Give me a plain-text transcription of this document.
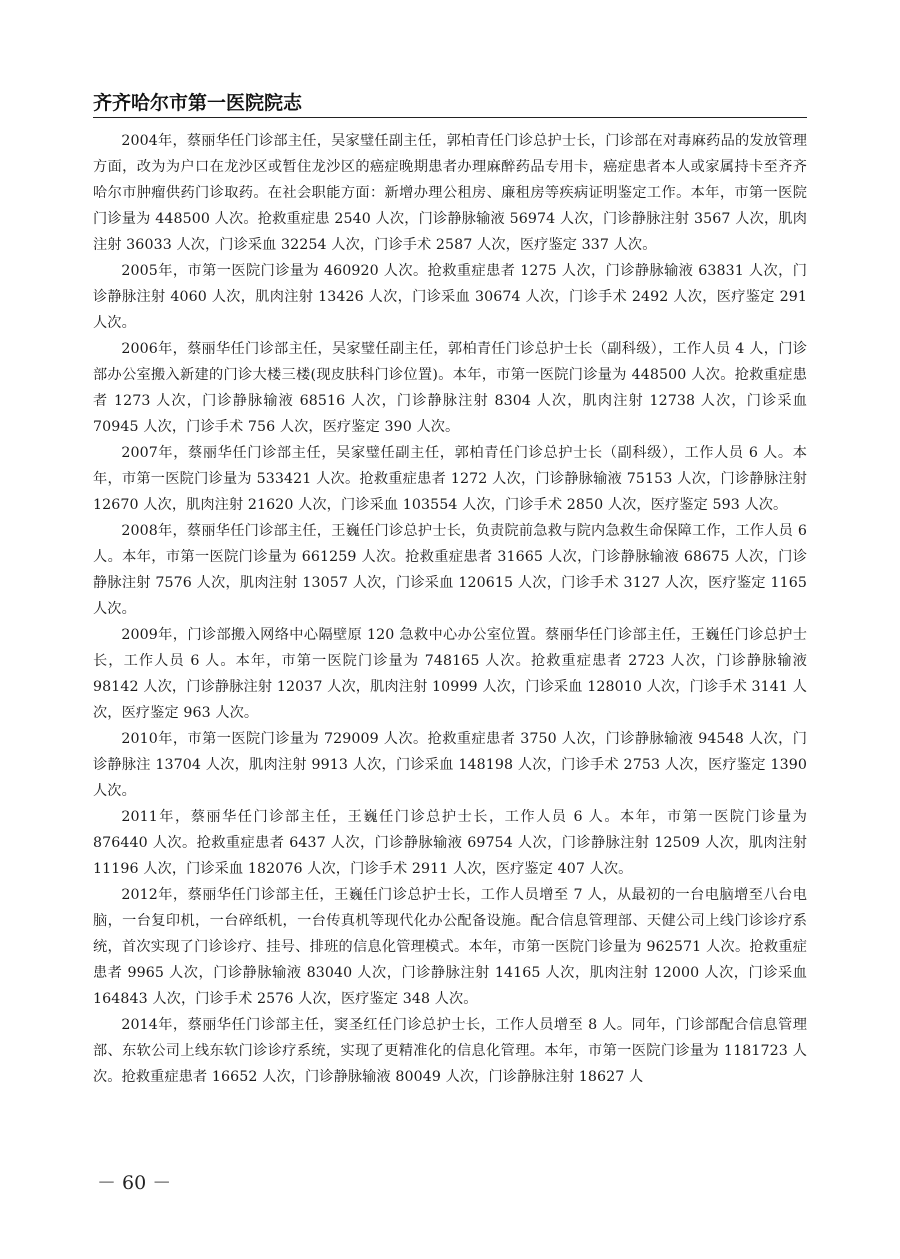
齐齐哈尔市第一医院院志

2004年，蔡丽华任门诊部主任，吴家璧任副主任，郭柏青任门诊总护士长，门诊部在对毒麻药品的发放管理方面，改为为户口在龙沙区或暂住龙沙区的癌症晚期患者办理麻醉药品专用卡，癌症患者本人或家属持卡至齐齐哈尔市肿瘤供药门诊取药。在社会职能方面：新增办理公租房、廉租房等疾病证明鉴定工作。本年，市第一医院门诊量为 448500 人次。抢救重症患 2540 人次，门诊静脉输液 56974 人次，门诊静脉注射 3567 人次，肌肉注射 36033 人次，门诊采血 32254 人次，门诊手术 2587 人次，医疗鉴定 337 人次。

2005年，市第一医院门诊量为 460920 人次。抢救重症患者 1275 人次，门诊静脉输液 63831 人次，门诊静脉注射 4060 人次，肌肉注射 13426 人次，门诊采血 30674 人次，门诊手术 2492 人次，医疗鉴定 291 人次。

2006年，蔡丽华任门诊部主任，吴家璧任副主任，郭柏青任门诊总护士长（副科级），工作人员 4 人，门诊部办公室搬入新建的门诊大楼三楼(现皮肤科门诊位置)。本年，市第一医院门诊量为 448500 人次。抢救重症患者 1273 人次，门诊静脉输液 68516 人次，门诊静脉注射 8304 人次，肌肉注射 12738 人次，门诊采血 70945 人次，门诊手术 756 人次，医疗鉴定 390 人次。

2007年，蔡丽华任门诊部主任，吴家璧任副主任，郭柏青任门诊总护士长（副科级），工作人员 6 人。本年，市第一医院门诊量为 533421 人次。抢救重症患者 1272 人次，门诊静脉输液 75153 人次，门诊静脉注射 12670 人次，肌肉注射 21620 人次，门诊采血 103554 人次，门诊手术 2850 人次，医疗鉴定 593 人次。

2008年，蔡丽华任门诊部主任，王巍任门诊总护士长，负责院前急救与院内急救生命保障工作，工作人员 6 人。本年，市第一医院门诊量为 661259 人次。抢救重症患者 31665 人次，门诊静脉输液 68675 人次，门诊静脉注射 7576 人次，肌肉注射 13057 人次，门诊采血 120615 人次，门诊手术 3127 人次，医疗鉴定 1165 人次。

2009年，门诊部搬入网络中心隔壁原 120 急救中心办公室位置。蔡丽华任门诊部主任，王巍任门诊总护士长，工作人员 6 人。本年，市第一医院门诊量为 748165 人次。抢救重症患者 2723 人次，门诊静脉输液 98142 人次，门诊静脉注射 12037 人次，肌肉注射 10999 人次，门诊采血 128010 人次，门诊手术 3141 人次，医疗鉴定 963 人次。

2010年，市第一医院门诊量为 729009 人次。抢救重症患者 3750 人次，门诊静脉输液 94548 人次，门诊静脉注 13704 人次，肌肉注射 9913 人次，门诊采血 148198 人次，门诊手术 2753 人次，医疗鉴定 1390 人次。

2011年，蔡丽华任门诊部主任，王巍任门诊总护士长，工作人员 6 人。本年，市第一医院门诊量为 876440 人次。抢救重症患者 6437 人次，门诊静脉输液 69754 人次，门诊静脉注射 12509 人次，肌肉注射 11196 人次，门诊采血 182076 人次，门诊手术 2911 人次，医疗鉴定 407 人次。

2012年，蔡丽华任门诊部主任，王巍任门诊总护士长，工作人员增至 7 人，从最初的一台电脑增至八台电脑，一台复印机，一台碎纸机，一台传真机等现代化办公配备设施。配合信息管理部、天健公司上线门诊诊疗系统，首次实现了门诊诊疗、挂号、排班的信息化管理模式。本年，市第一医院门诊量为 962571 人次。抢救重症患者 9965 人次，门诊静脉输液 83040 人次，门诊静脉注射 14165 人次，肌肉注射 12000 人次，门诊采血 164843 人次，门诊手术 2576 人次，医疗鉴定 348 人次。

2014年，蔡丽华任门诊部主任，窦圣红任门诊总护士长，工作人员增至 8 人。同年，门诊部配合信息管理部、东软公司上线东软门诊诊疗系统，实现了更精准化的信息化管理。本年，市第一医院门诊量为 1181723 人次。抢救重症患者 16652 人次，门诊静脉输液 80049 人次，门诊静脉注射 18627 人

－ 60 －
